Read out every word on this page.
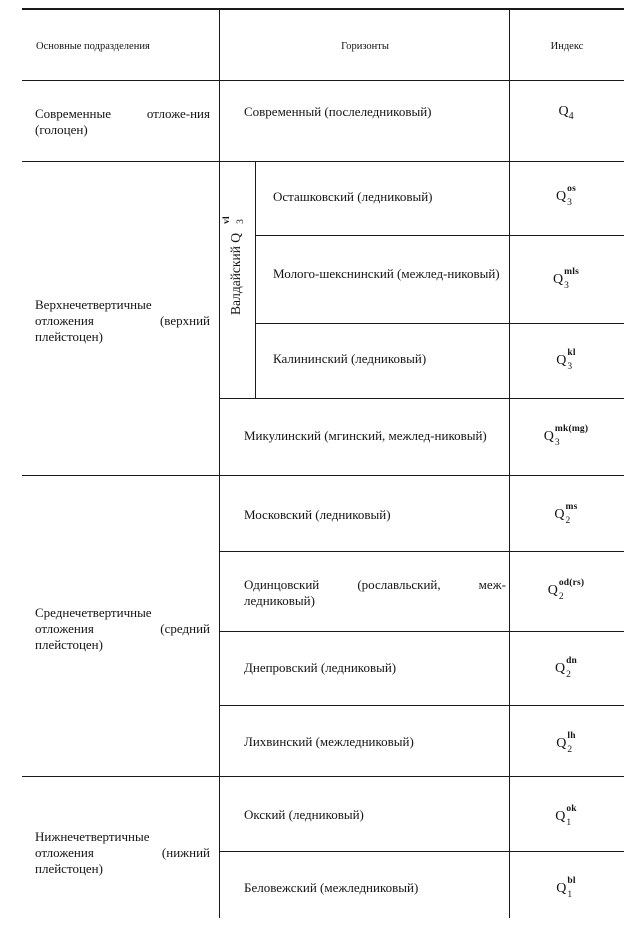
Основные подразделения	Горизонты	Индекс
Современные отложе-ния (голоцен)
Верхнечетвертичные отложения (верхний плейстоцен)
Среднечетвертичные отложения (средний плейстоцен)
Нижнечетвертичные отложения (нижний плейстоцен)
Валдайский Q
vl 3
Современный (послеледниковый)
Осташковский (ледниковый)
Молого-шекснинский (межлед-никовый)
Калининский (ледниковый)
Микулинский (мгинский, межлед-никовый)
Московский (ледниковый)
Одинцовский (рославльский, меж-ледниковый)
Днепровский (ледниковый)
Лихвинский (межледниковый)
Окский (ледниковый)
Беловежский (межледниковый)
$Q_4$
Q
os
3
Q
mls
3
Q
kl
3
Q
mk(mg)
3
Q
ms
2
Q
od(rs)
2
Q
dn
2
Q
lh
2
Q
ok
1
Q
bl
1
